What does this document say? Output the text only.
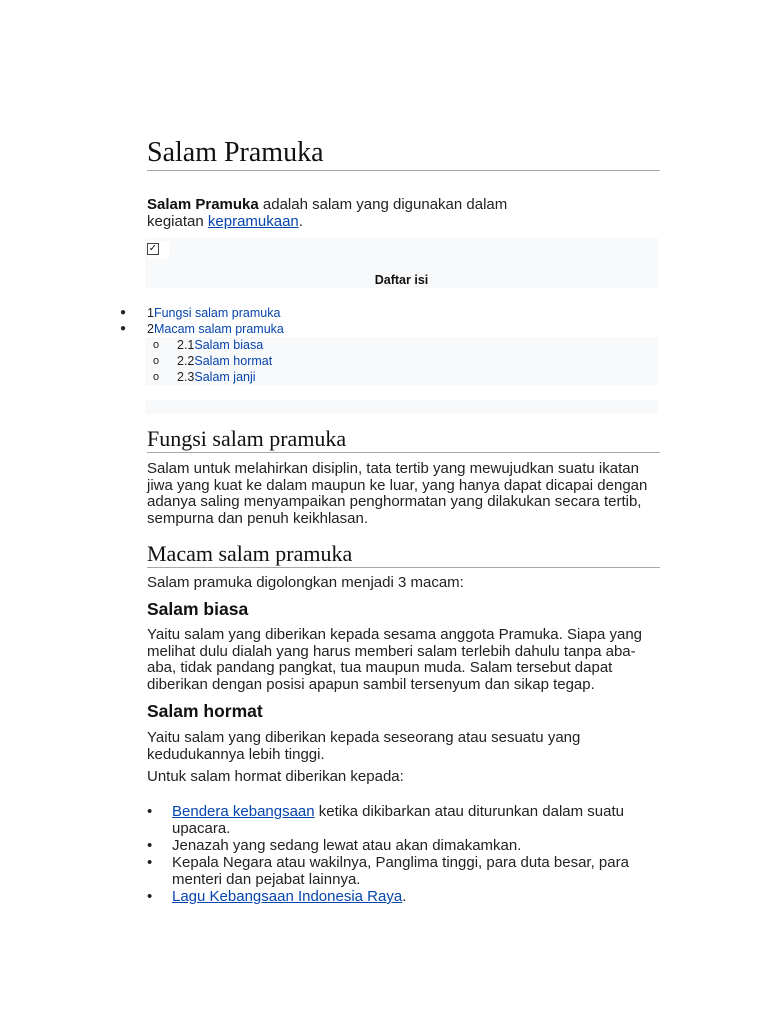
Salam Pramuka

Salam Pramuka adalah salam yang digunakan dalam kegiatan kepramukaan.

✓
Daftar isi
● 1Fungsi salam pramuka
● 2Macam salam pramuka
o 2.1Salam biasa
o 2.2Salam hormat
o 2.3Salam janji
Fungsi salam pramuka

Salam untuk melahirkan disiplin, tata tertib yang mewujudkan suatu ikatan jiwa yang kuat ke dalam maupun ke luar, yang hanya dapat dicapai dengan adanya saling menyampaikan penghormatan yang dilakukan secara tertib, sempurna dan penuh keikhlasan.

Macam salam pramuka

Salam pramuka digolongkan menjadi 3 macam:

Salam biasa

Yaitu salam yang diberikan kepada sesama anggota Pramuka. Siapa yang melihat dulu dialah yang harus memberi salam terlebih dahulu tanpa aba-aba, tidak pandang pangkat, tua maupun muda. Salam tersebut dapat diberikan dengan posisi apapun sambil tersenyum dan sikap tegap.

Salam hormat

Yaitu salam yang diberikan kepada seseorang atau sesuatu yang kedudukannya lebih tinggi.

Untuk salam hormat diberikan kepada:

• Bendera kebangsaan ketika dikibarkan atau diturunkan dalam suatu upacara.
• Jenazah yang sedang lewat atau akan dimakamkan.
• Kepala Negara atau wakilnya, Panglima tinggi, para duta besar, para menteri dan pejabat lainnya.
• Lagu Kebangsaan Indonesia Raya.
